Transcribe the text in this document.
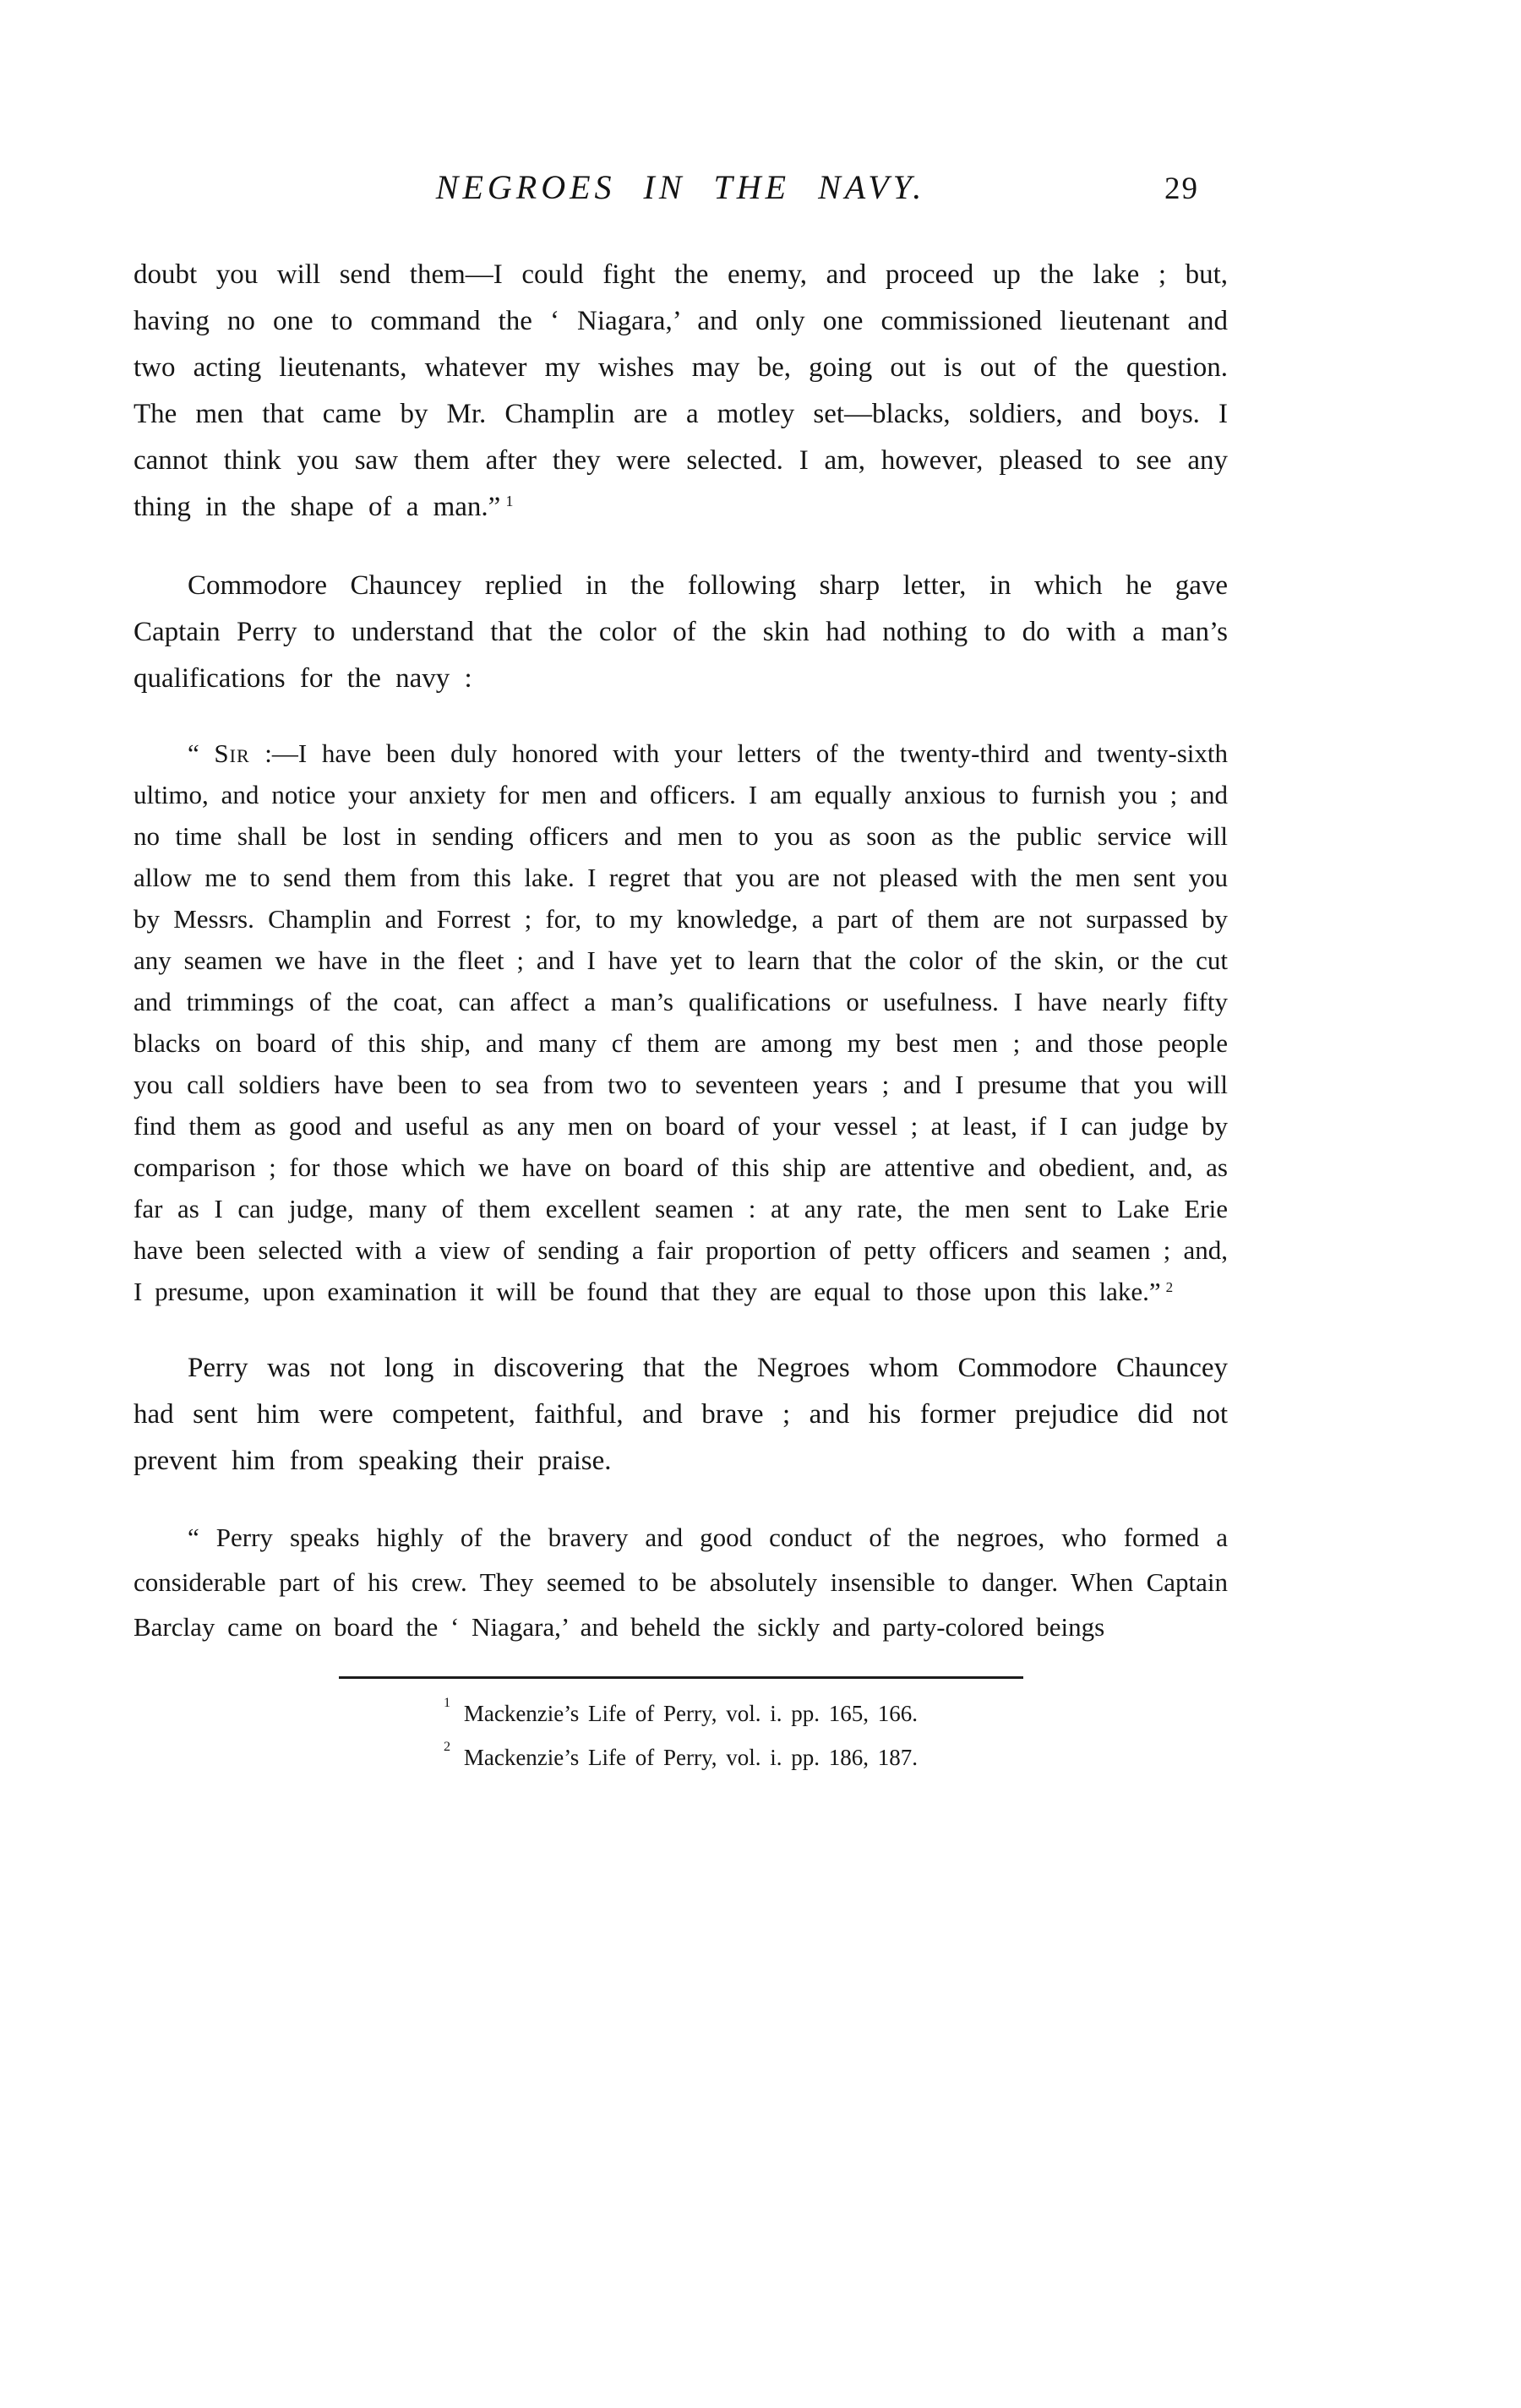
NEGROES IN THE NAVY.	29

doubt you will send them—I could fight the enemy, and proceed up the lake ; but, having no one to command the ‘ Niagara,’ and only one commissioned lieutenant and two acting lieutenants, whatever my wishes may be, going out is out of the question. The men that came by Mr. Champlin are a motley set—blacks, soldiers, and boys. I cannot think you saw them after they were selected. I am, however, pleased to see any thing in the shape of a man.” $^1$

Commodore Chauncey replied in the following sharp letter, in which he gave Captain Perry to understand that the color of the skin had nothing to do with a man’s qualifications for the navy :

“ Sir :—I have been duly honored with your letters of the twenty-third and twenty-sixth ultimo, and notice your anxiety for men and officers. I am equally anxious to furnish you ; and no time shall be lost in sending officers and men to you as soon as the public service will allow me to send them from this lake. I regret that you are not pleased with the men sent you by Messrs. Champlin and Forrest ; for, to my knowledge, a part of them are not surpassed by any seamen we have in the fleet ; and I have yet to learn that the color of the skin, or the cut and trimmings of the coat, can affect a man’s qualifications or usefulness. I have nearly fifty blacks on board of this ship, and many cf them are among my best men ; and those people you call soldiers have been to sea from two to seventeen years ; and I presume that you will find them as good and useful as any men on board of your vessel ; at least, if I can judge by comparison ; for those which we have on board of this ship are attentive and obedient, and, as far as I can judge, many of them excellent seamen : at any rate, the men sent to Lake Erie have been selected with a view of sending a fair proportion of petty officers and seamen ; and, I presume, upon examination it will be found that they are equal to those upon this lake.” $^2$

Perry was not long in discovering that the Negroes whom Commodore Chauncey had sent him were competent, faithful, and brave ; and his former prejudice did not prevent him from speaking their praise.

“ Perry speaks highly of the bravery and good conduct of the negroes, who formed a considerable part of his crew. They seemed to be absolutely insensible to danger. When Captain Barclay came on board the ‘ Niagara,’ and beheld the sickly and party-colored beings

$^1$ Mackenzie’s Life of Perry, vol. i. pp. 165, 166.
$^2$ Mackenzie’s Life of Perry, vol. i. pp. 186, 187.
